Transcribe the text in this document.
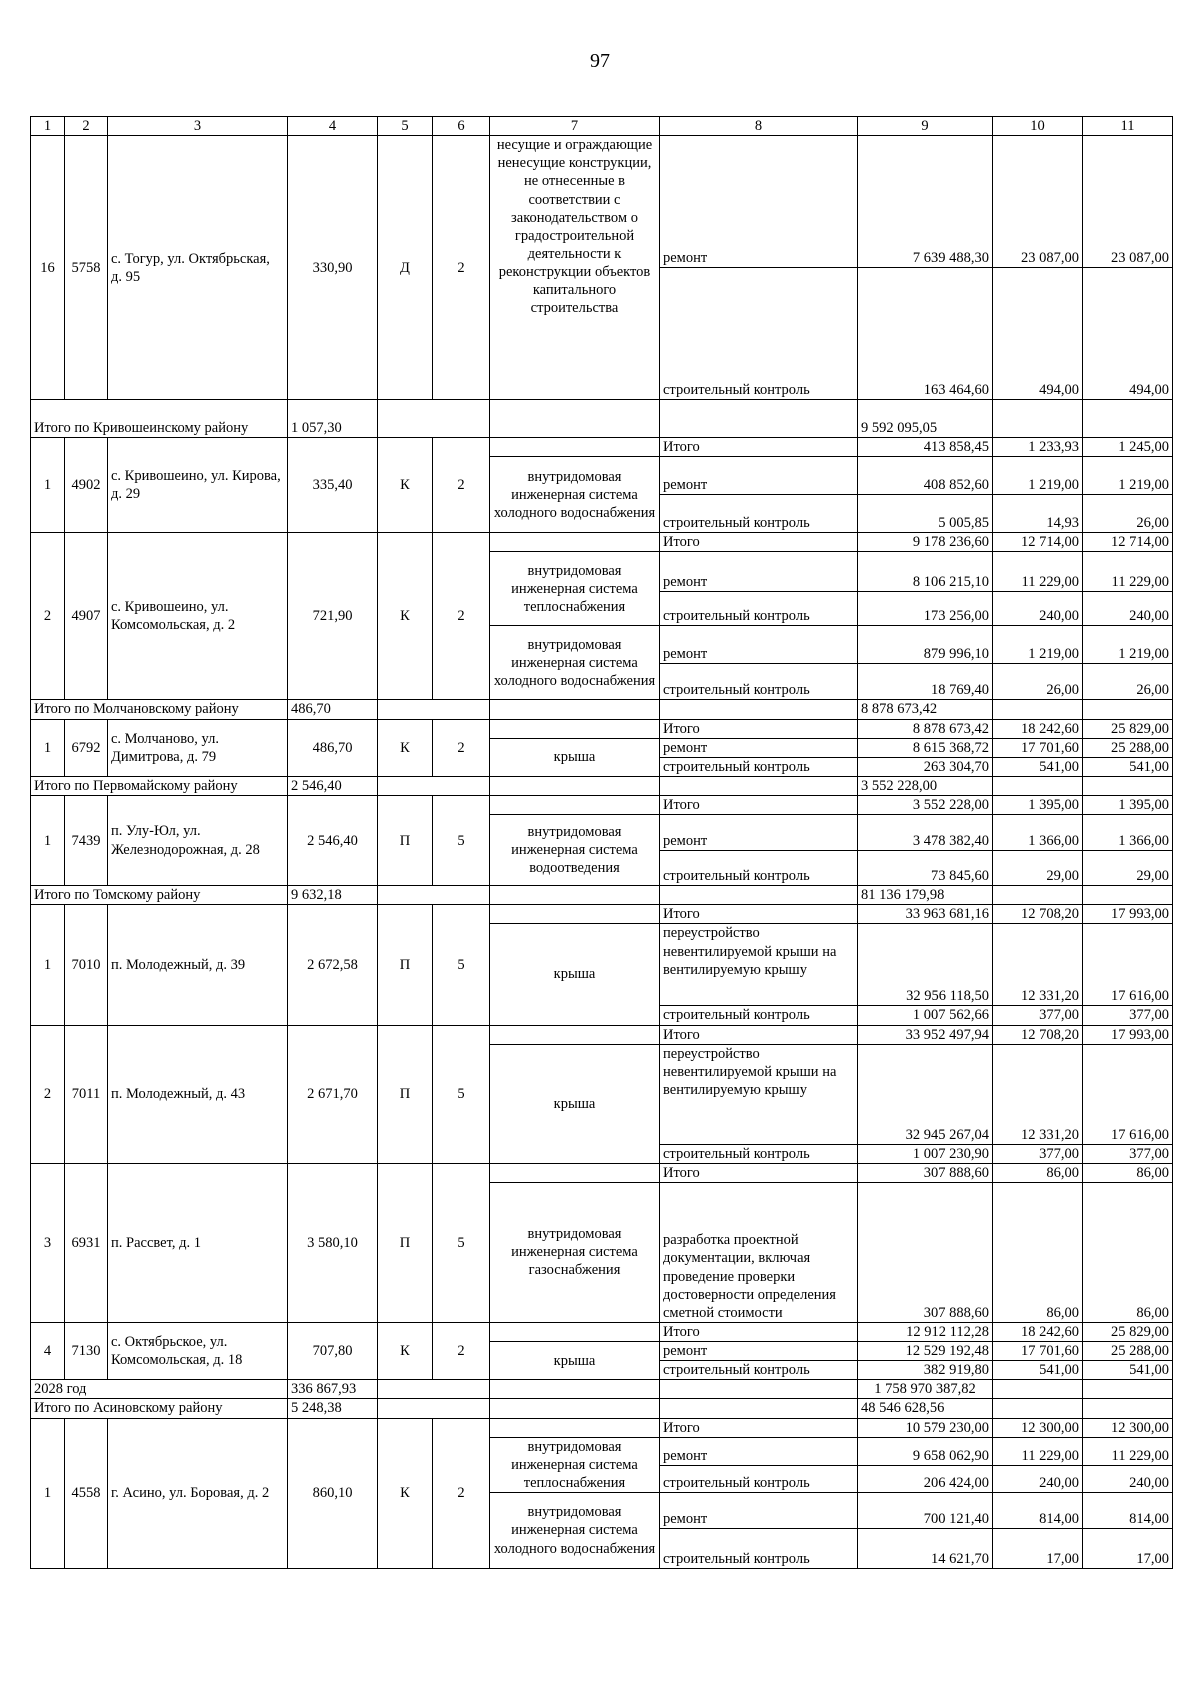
97
1	2	3	4	5	6	7	8	9	10	11
16	5758	с. Тогур, ул. Октябрьская, д. 95	330,90	Д	2	несущие и ограждающие ненесущие конструкции, не отнесенные в соответствии с законодательством о градостроительной деятельности к реконструкции объектов капитального строительства	ремонт	7 639 488,30	23 087,00	23 087,00
							строительный контроль	163 464,60	494,00	494,00
Итого по Кривошеинскому району			1 057,30					9 592 095,05		
1	4902	с. Кривошеино, ул. Кирова, д. 29	335,40	К	2		Итого	413 858,45	1 233,93	1 245,00
						внутридомовая инженерная система холодного водоснабжения	ремонт	408 852,60	1 219,00	1 219,00
							строительный контроль	5 005,85	14,93	26,00
2	4907	с. Кривошеино, ул. Комсомольская, д. 2	721,90	К	2		Итого	9 178 236,60	12 714,00	12 714,00
						внутридомовая инженерная система теплоснабжения	ремонт	8 106 215,10	11 229,00	11 229,00
							строительный контроль	173 256,00	240,00	240,00
						внутридомовая инженерная система холодного водоснабжения	ремонт	879 996,10	1 219,00	1 219,00
							строительный контроль	18 769,40	26,00	26,00
Итого по Молчановскому району			486,70					8 878 673,42		
1	6792	с. Молчаново, ул. Димитрова, д. 79	486,70	К	2		Итого	8 878 673,42	18 242,60	25 829,00
						крыша	ремонт	8 615 368,72	17 701,60	25 288,00
							строительный контроль	263 304,70	541,00	541,00
Итого по Первомайскому району			2 546,40					3 552 228,00		
1	7439	п. Улу-Юл, ул. Железнодорожная, д. 28	2 546,40	П	5		Итого	3 552 228,00	1 395,00	1 395,00
						внутридомовая инженерная система водоотведения	ремонт	3 478 382,40	1 366,00	1 366,00
							строительный контроль	73 845,60	29,00	29,00
Итого по Томскому району			9 632,18					81 136 179,98		
1	7010	п. Молодежный, д. 39	2 672,58	П	5		Итого	33 963 681,16	12 708,20	17 993,00
						крыша	переустройство невентилируемой крыши на вентилируемую крышу	32 956 118,50	12 331,20	17 616,00
							строительный контроль	1 007 562,66	377,00	377,00
2	7011	п. Молодежный, д. 43	2 671,70	П	5		Итого	33 952 497,94	12 708,20	17 993,00
						крыша	переустройство невентилируемой крыши на вентилируемую крышу	32 945 267,04	12 331,20	17 616,00
							строительный контроль	1 007 230,90	377,00	377,00
3	6931	п. Рассвет, д. 1	3 580,10	П	5		Итого	307 888,60	86,00	86,00
						внутридомовая инженерная система газоснабжения	разработка проектной документации, включая проведение проверки достоверности определения сметной стоимости	307 888,60	86,00	86,00
4	7130	с. Октябрьское, ул. Комсомольская, д. 18	707,80	К	2		Итого	12 912 112,28	18 242,60	25 829,00
						крыша	ремонт	12 529 192,48	17 701,60	25 288,00
							строительный контроль	382 919,80	541,00	541,00
2028 год			336 867,93					1 758 970 387,82		
Итого по Асиновскому району			5 248,38					48 546 628,56		
1	4558	г. Асино, ул. Боровая, д. 2	860,10	К	2		Итого	10 579 230,00	12 300,00	12 300,00
						внутридомовая инженерная система теплоснабжения	ремонт	9 658 062,90	11 229,00	11 229,00
							строительный контроль	206 424,00	240,00	240,00
						внутридомовая инженерная система холодного водоснабжения	ремонт	700 121,40	814,00	814,00
							строительный контроль	14 621,70	17,00	17,00
